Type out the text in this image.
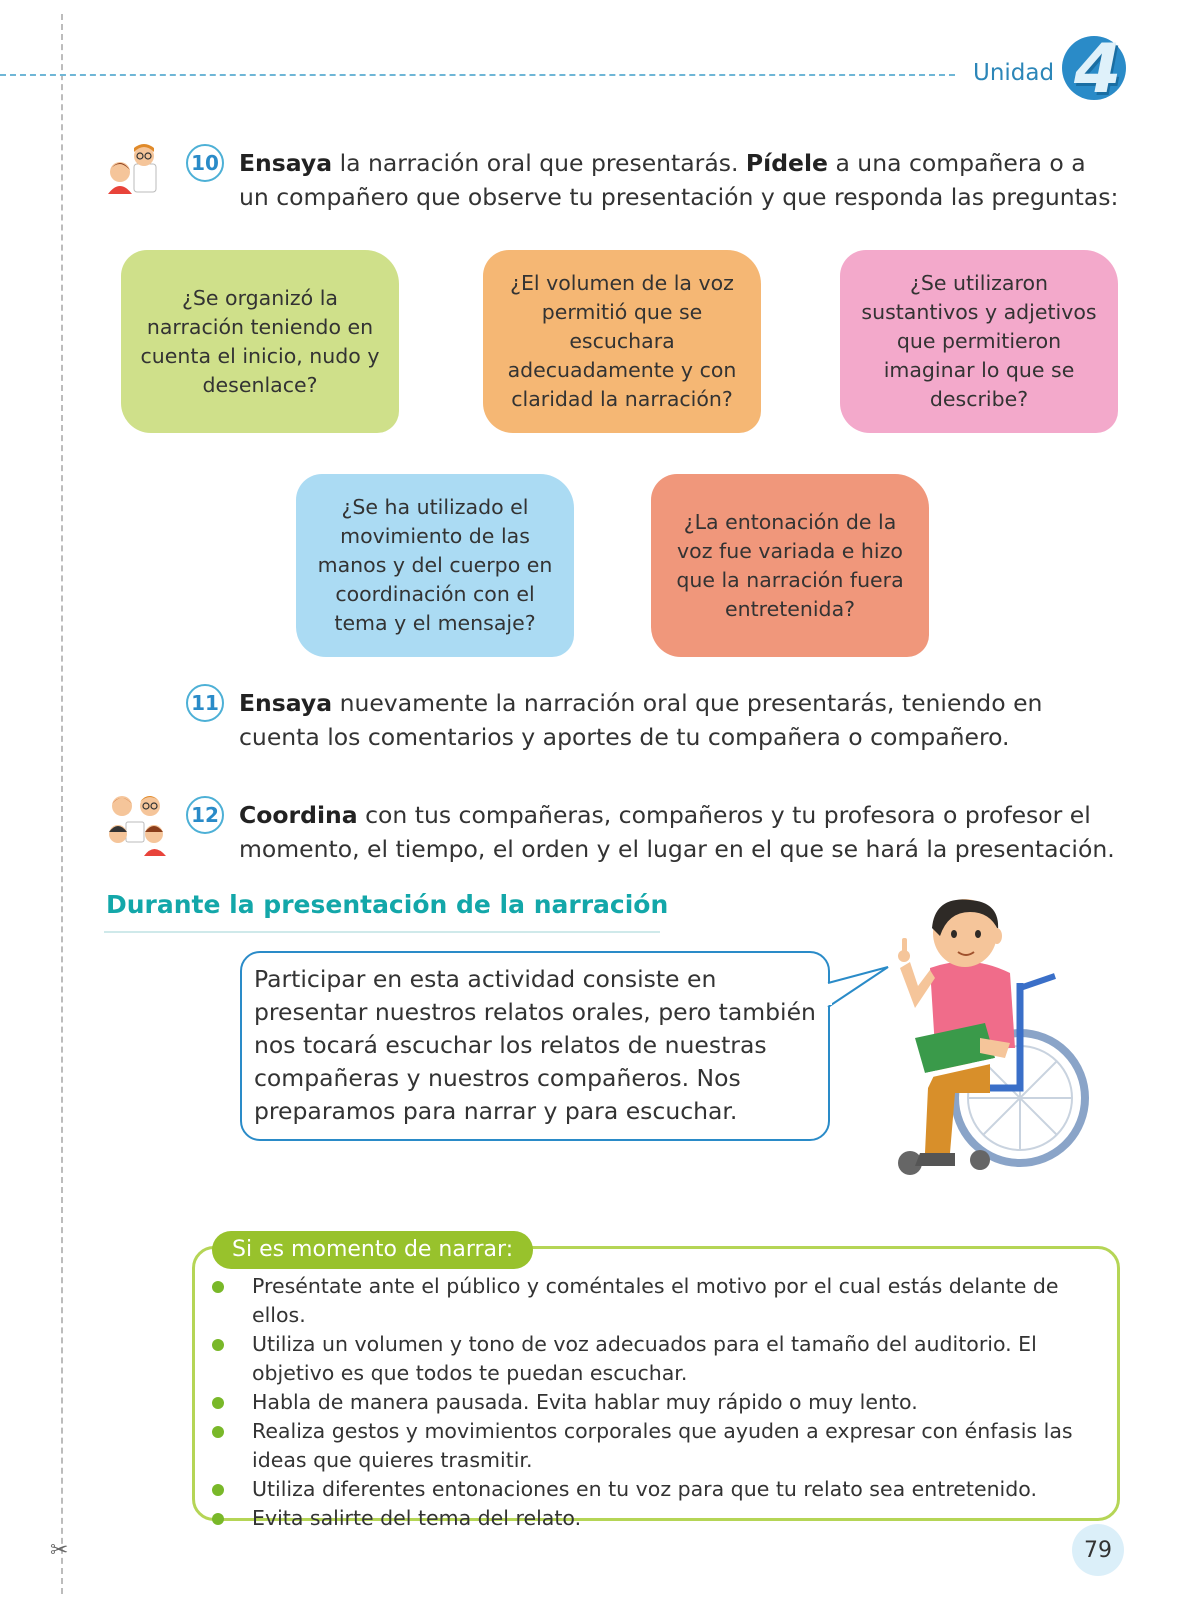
✂
Unidad 4
10 Ensaya la narración oral que presentarás. Pídele a una compañera o a un compañero que observe tu presentación y que responda las preguntas:
¿Se organizó la narración teniendo en cuenta el inicio, nudo y desenlace?
¿El volumen de la voz permitió que se escuchara adecuadamente y con claridad la narración?
¿Se utilizaron sustantivos y adjetivos que permitieron imaginar lo que se describe?
¿Se ha utilizado el movimiento de las manos y del cuerpo en coordinación con el tema y el mensaje?
¿La entonación de la voz fue variada e hizo que la narración fuera entretenida?
11 Ensaya nuevamente la narración oral que presentarás, teniendo en cuenta los comentarios y aportes de tu compañera o compañero.
12 Coordina con tus compañeras, compañeros y tu profesora o profesor el momento, el tiempo, el orden y el lugar en el que se hará la presentación.
Durante la presentación de la narración
Participar en esta actividad consiste en presentar nuestros relatos orales, pero también nos tocará escuchar los relatos de nuestras compañeras y nuestros compañeros. Nos preparamos para narrar y para escuchar.
Si es momento de narrar:
Preséntate ante el público y coméntales el motivo por el cual estás delante de ellos.
Utiliza un volumen y tono de voz adecuados para el tamaño del auditorio. El objetivo es que todos te puedan escuchar.
Habla de manera pausada. Evita hablar muy rápido o muy lento.
Realiza gestos y movimientos corporales que ayuden a expresar con énfasis las ideas que quieres trasmitir.
Utiliza diferentes entonaciones en tu voz para que tu relato sea entretenido.
Evita salirte del tema del relato.
79
